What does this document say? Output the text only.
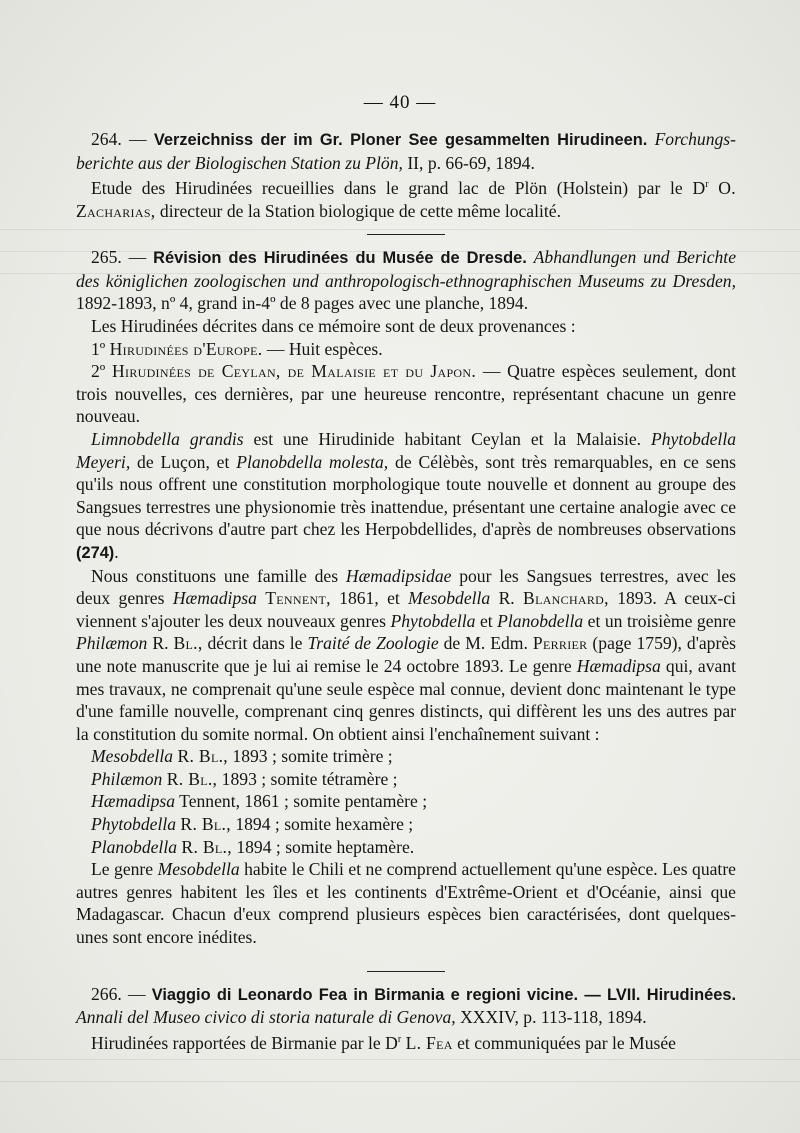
— 40 —

264. — Verzeichniss der im Gr. Ploner See gesammelten Hirudineen. Forchungs-berichte aus der Biologischen Station zu Plön, II, p. 66-69, 1894.

Etude des Hirudinées recueillies dans le grand lac de Plön (Holstein) par le $D^r$ O. Zacharias, directeur de la Station biologique de cette même localité.

265. — Révision des Hirudinées du Musée de Dresde. Abhandlungen und Berichte des königlichen zoologischen und anthropologisch-ethnographischen Museums zu Dresden, 1892-1893, nº 4, grand in-4º de 8 pages avec une planche, 1894.

Les Hirudinées décrites dans ce mémoire sont de deux provenances :

1º Hirudinées d'Europe. — Huit espèces.

2º Hirudinées de Ceylan, de Malaisie et du Japon. — Quatre espèces seulement, dont trois nouvelles, ces dernières, par une heureuse rencontre, représentant chacune un genre nouveau.

Limnobdella grandis est une Hirudinide habitant Ceylan et la Malaisie. Phytobdella Meyeri, de Luçon, et Planobdella molesta, de Célèbès, sont très remarquables, en ce sens qu'ils nous offrent une constitution morphologique toute nouvelle et donnent au groupe des Sangsues terrestres une physionomie très inattendue, présentant une certaine analogie avec ce que nous décrivons d'autre part chez les Herpobdellides, d'après de nombreuses observations (274).

Nous constituons une famille des Hæmadipsidae pour les Sangsues terrestres, avec les deux genres Hæmadipsa Tennent, 1861, et Mesobdella R. Blanchard, 1893. A ceux-ci viennent s'ajouter les deux nouveaux genres Phytobdella et Planobdella et un troisième genre Philæmon R. Bl., décrit dans le Traité de Zoologie de M. Edm. Perrier (page 1759), d'après une note manuscrite que je lui ai remise le 24 octobre 1893. Le genre Hæmadipsa qui, avant mes travaux, ne comprenait qu'une seule espèce mal connue, devient donc maintenant le type d'une famille nouvelle, comprenant cinq genres distincts, qui diffèrent les uns des autres par la constitution du somite normal. On obtient ainsi l'enchaînement suivant :

Mesobdella R. Bl., 1893 ; somite trimère ;
Philæmon R. Bl., 1893 ; somite tétramère ;
Hæmadipsa Tennent, 1861 ; somite pentamère ;
Phytobdella R. Bl., 1894 ; somite hexamère ;
Planobdella R. Bl., 1894 ; somite heptamère.

Le genre Mesobdella habite le Chili et ne comprend actuellement qu'une espèce. Les quatre autres genres habitent les îles et les continents d'Extrême-Orient et d'Océanie, ainsi que Madagascar. Chacun d'eux comprend plusieurs espèces bien caractérisées, dont quelques-unes sont encore inédites.

266. — Viaggio di Leonardo Fea in Birmania e regioni vicine. — LVII. Hirudinées. Annali del Museo civico di storia naturale di Genova, XXXIV, p. 113-118, 1894.

Hirudinées rapportées de Birmanie par le $D^r$ L. Fea et communiquées par le Musée
